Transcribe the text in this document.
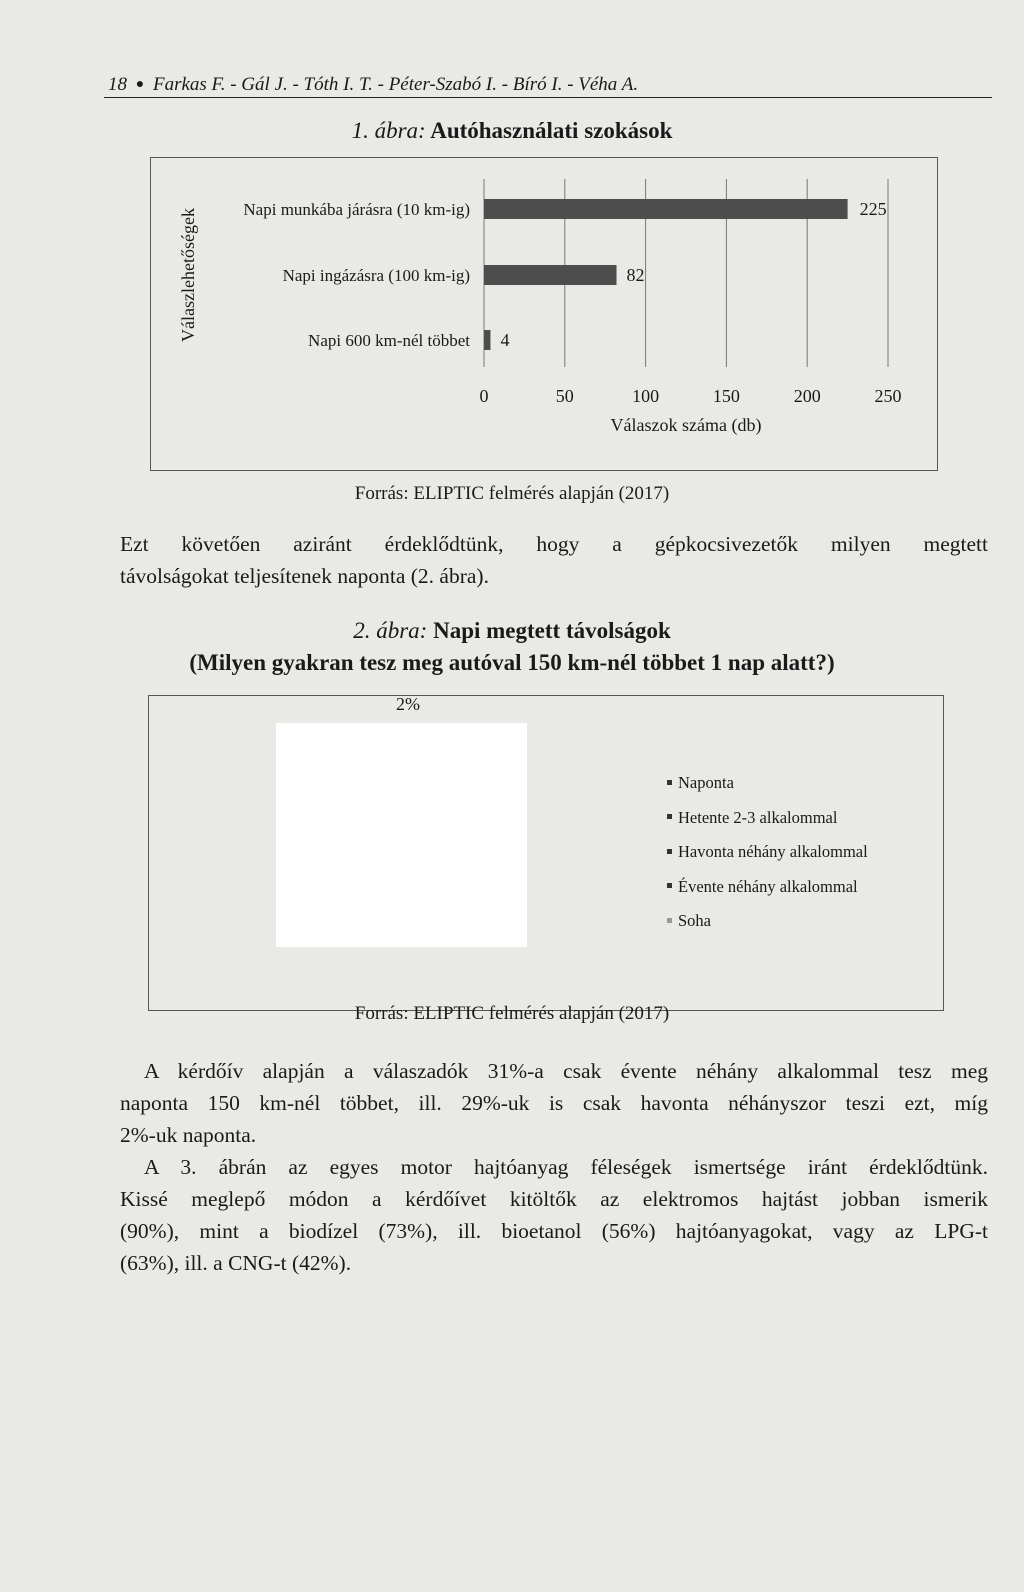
18 ● Farkas F. - Gál J. - Tóth I. T. - Péter-Szabó I. - Bíró I. - Véha A.
1. ábra: Autóhasználati szokások
Napi munkába járásra (10 km-ig)
Napi ingázásra (100 km-ig)
Napi 600 km-nél többet
225
82
4
0	50	100	150	200	250
Válaszok száma (db)
Válaszlehetőségek
Forrás: ELIPTIC felmérés alapján (2017)
Ezt követően aziránt érdeklődtünk, hogy a gépkocsivezetők milyen megtett
távolságokat teljesítenek naponta (2. ábra).
2. ábra: Napi megtett távolságok
(Milyen gyakran tesz meg autóval 150 km-nél többet 1 nap alatt?)
2%
Naponta
Hetente 2-3 alkalommal
Havonta néhány alkalommal
Évente néhány alkalommal
Soha
Forrás: ELIPTIC felmérés alapján (2017)
A kérdőív alapján a válaszadók 31%-a csak évente néhány alkalommal tesz meg
naponta 150 km-nél többet, ill. 29%-uk is csak havonta néhányszor teszi ezt, míg
2%-uk naponta.
A 3. ábrán az egyes motor hajtóanyag féleségek ismertsége iránt érdeklődtünk.
Kissé meglepő módon a kérdőívet kitöltők az elektromos hajtást jobban ismerik
(90%), mint a biodízel (73%), ill. bioetanol (56%) hajtóanyagokat, vagy az LPG-t
(63%), ill. a CNG-t (42%).
